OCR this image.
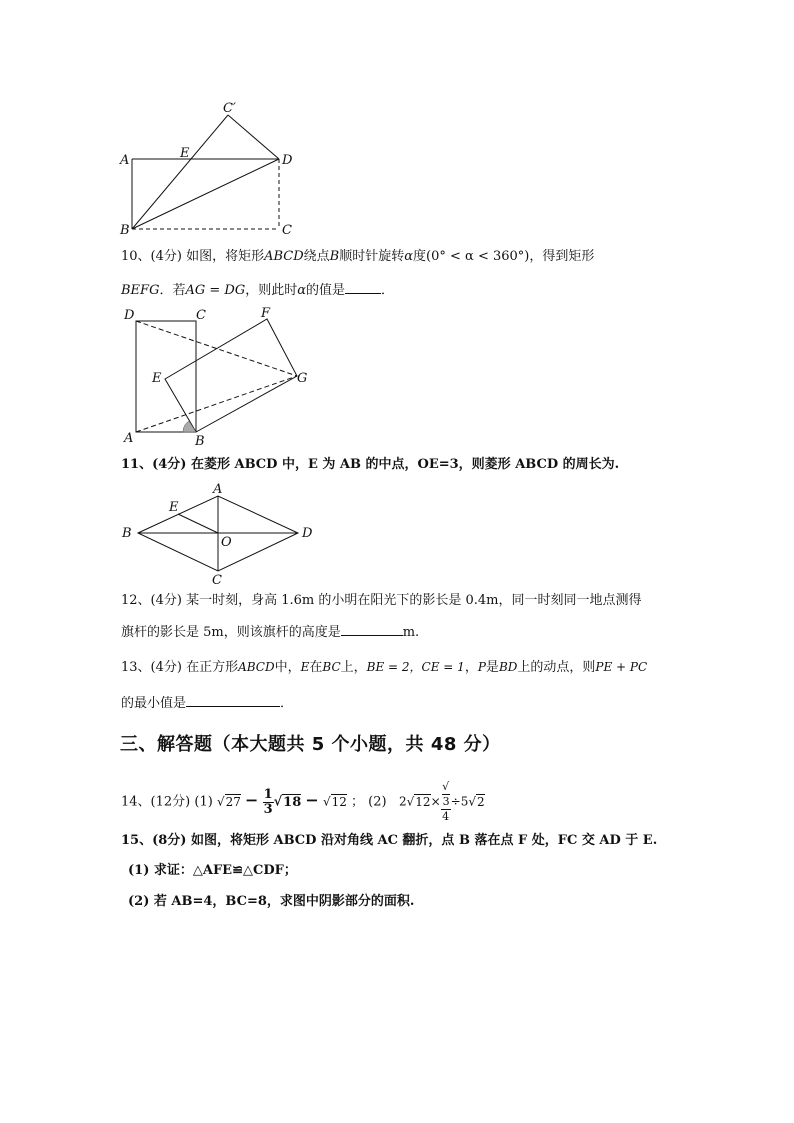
A
B	C
D
E
C′
10、(4分) 如图，将矩形ABCD绕点B顺时针旋转α度(0° < α < 360°)，得到矩形
BEFG．若AG = DG，则此时α的值是	．
A	B
C
D
E
F
G
11、(4分) 在菱形 ABCD 中，E 为 AB 的中点，OE=3，则菱形 ABCD 的周长为.
A
B
C
D
E
O
12、(4分) 某一时刻，身高 1.6m 的小明在阳光下的影长是 0.4m，同一时刻同一地点测得
旗杆的影长是 5m，则该旗杆的高度是	m.
13、(4分) 在正方形ABCD中，E在BC上，BE = 2，CE = 1，P是BD上的动点，则PE + PC
的最小值是	．
三、解答题（本大题共 5 个小题，共 48 分）
14、(12分) (1) $√27 - \frac{1}{3} √18 - √12$ ； (2) 2√12× √
3
4 ÷5√2
15、(8分) 如图，将矩形 ABCD 沿对角线 AC 翻折，点 B 落在点 F 处，FC 交 AD 于 E.
(1) 求证：△AFE≌△CDF；
(2) 若 AB=4，BC=8，求图中阴影部分的面积.
